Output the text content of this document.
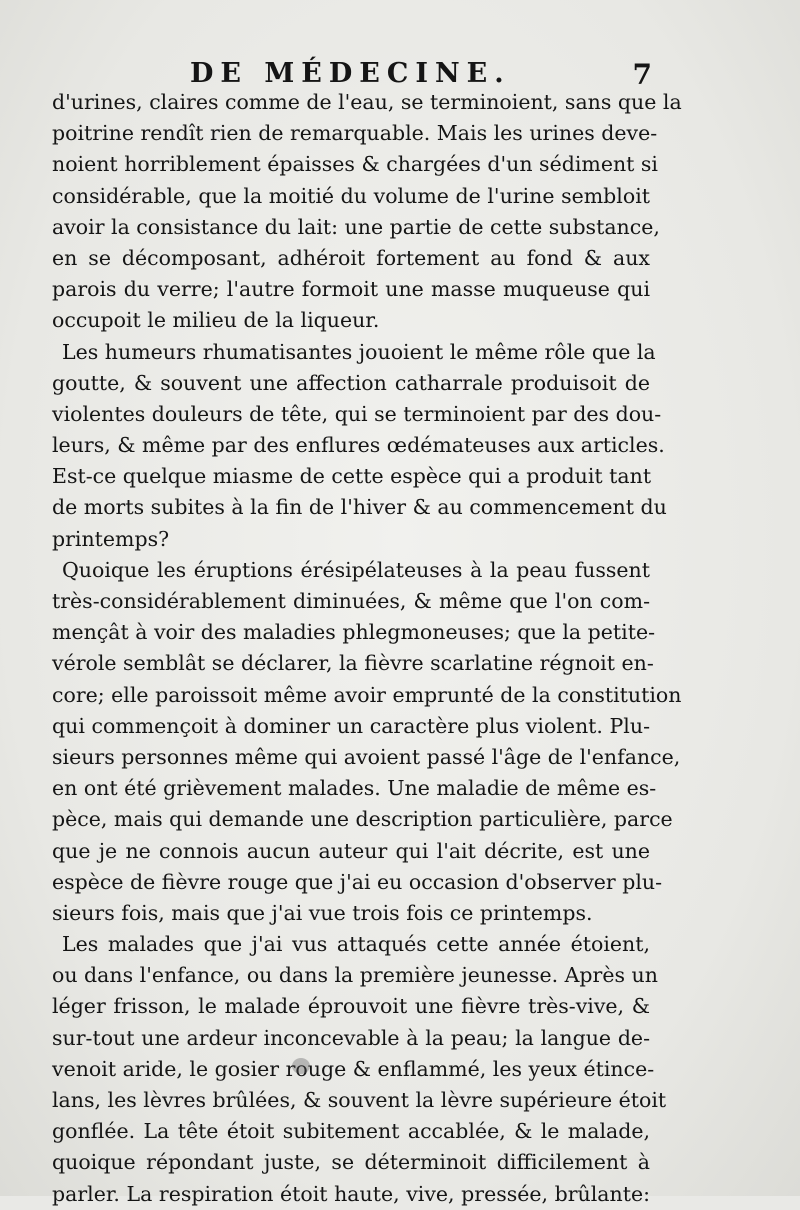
DE MÉDECINE.	7
d'urines, claires comme de l'eau, se terminoient, sans que la
poitrine rendît rien de remarquable. Mais les urines deve-
noient horriblement épaisses & chargées d'un sédiment si
considérable, que la moitié du volume de l'urine sembloit
avoir la consistance du lait: une partie de cette substance,
en se décomposant, adhéroit fortement au fond & aux
parois du verre; l'autre formoit une masse muqueuse qui
occupoit le milieu de la liqueur.
Les humeurs rhumatisantes jouoient le même rôle que la
goutte, & souvent une affection catharrale produisoit de
violentes douleurs de tête, qui se terminoient par des dou-
leurs, & même par des enflures œdémateuses aux articles.
Est-ce quelque miasme de cette espèce qui a produit tant
de morts subites à la fin de l'hiver & au commencement du
printemps?
Quoique les éruptions érésipélateuses à la peau fussent
très-considérablement diminuées, & même que l'on com-
mençât à voir des maladies phlegmoneuses; que la petite-
vérole semblât se déclarer, la fièvre scarlatine régnoit en-
core; elle paroissoit même avoir emprunté de la constitution
qui commençoit à dominer un caractère plus violent. Plu-
sieurs personnes même qui avoient passé l'âge de l'enfance,
en ont été grièvement malades. Une maladie de même es-
pèce, mais qui demande une description particulière, parce
que je ne connois aucun auteur qui l'ait décrite, est une
espèce de fièvre rouge que j'ai eu occasion d'observer plu-
sieurs fois, mais que j'ai vue trois fois ce printemps.
Les malades que j'ai vus attaqués cette année étoient,
ou dans l'enfance, ou dans la première jeunesse. Après un
léger frisson, le malade éprouvoit une fièvre très-vive, &
sur-tout une ardeur inconcevable à la peau; la langue de-
venoit aride, le gosier rouge & enflammé, les yeux étince-
lans, les lèvres brûlées, & souvent la lèvre supérieure étoit
gonflée. La tête étoit subitement accablée, & le malade,
quoique répondant juste, se déterminoit difficilement à
parler. La respiration étoit haute, vive, pressée, brûlante:
